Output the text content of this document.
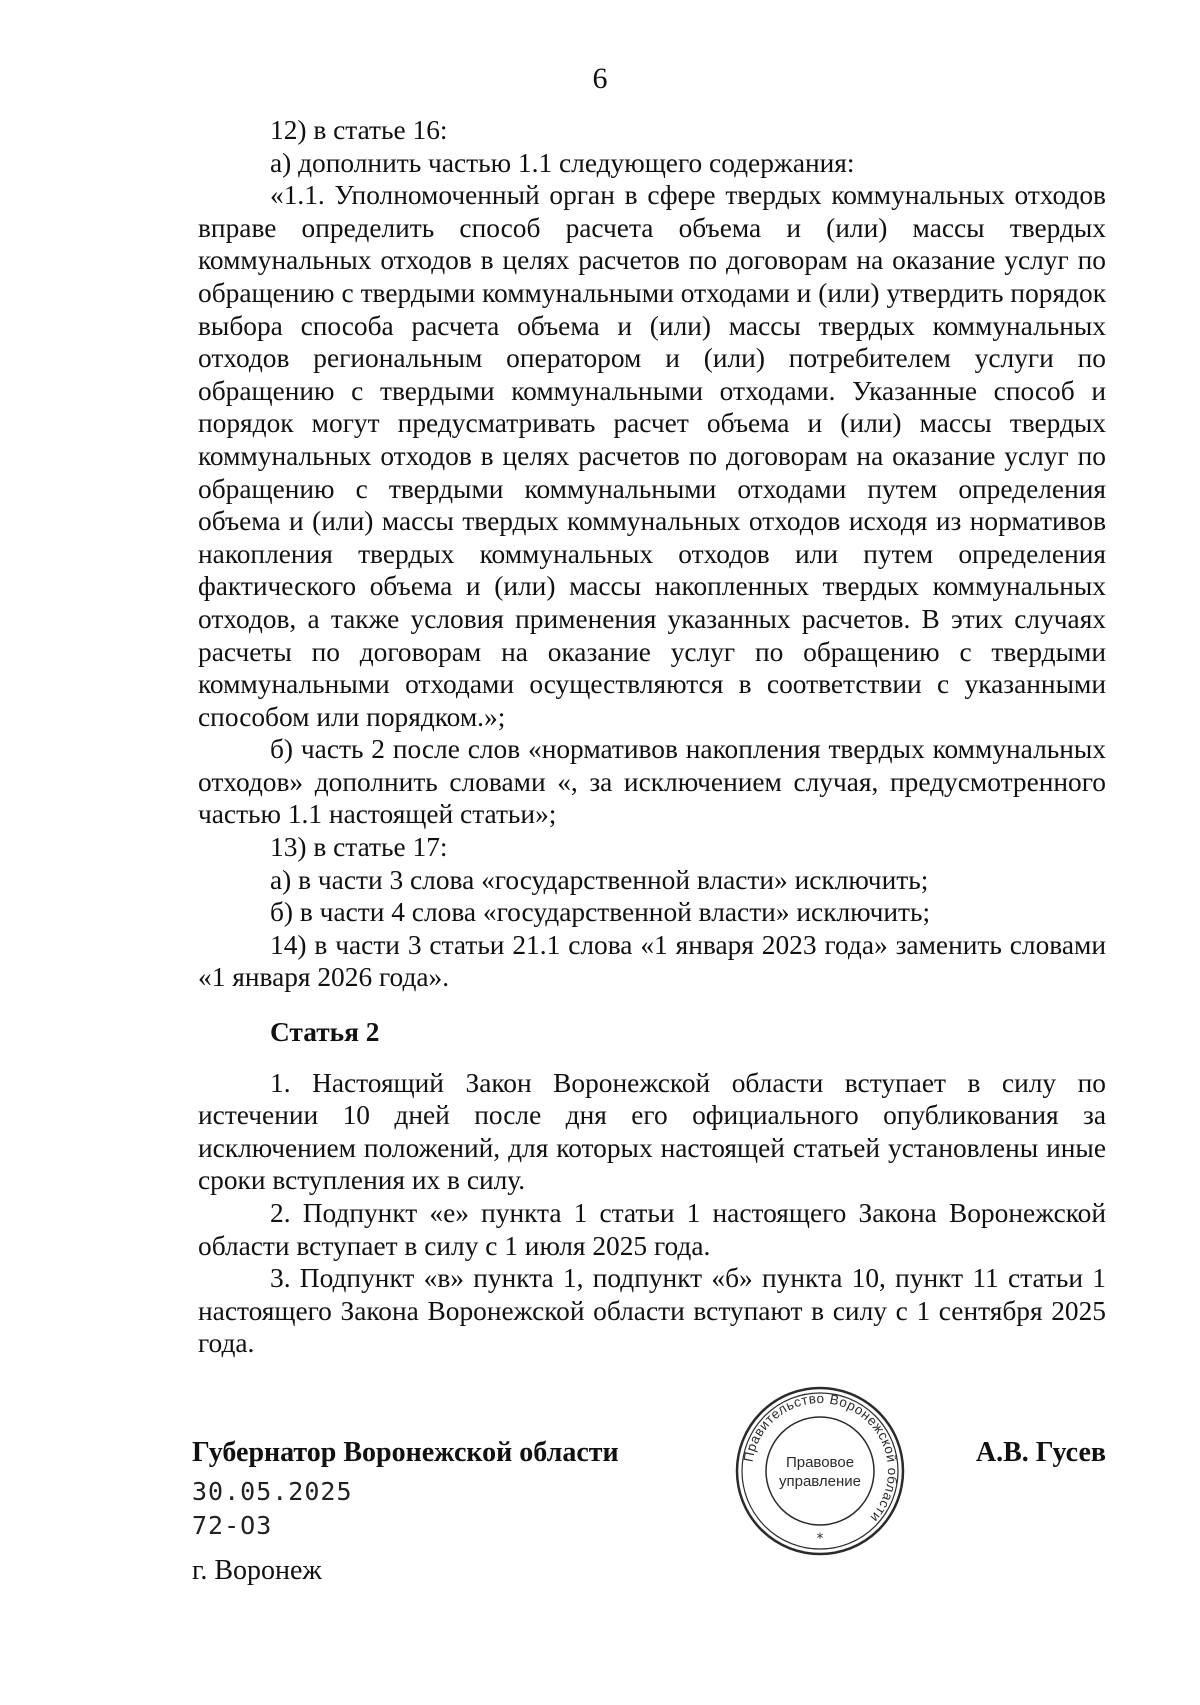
6

12) в статье 16:

а) дополнить частью 1.1 следующего содержания:

«1.1. Уполномоченный орган в сфере твердых коммунальных отходов вправе определить способ расчета объема и (или) массы твердых коммунальных отходов в целях расчетов по договорам на оказание услуг по обращению с твердыми коммунальными отходами и (или) утвердить порядок выбора способа расчета объема и (или) массы твердых коммунальных отходов региональным оператором и (или) потребителем услуги по обращению с твердыми коммунальными отходами. Указанные способ и порядок могут предусматривать расчет объема и (или) массы твердых коммунальных отходов в целях расчетов по договорам на оказание услуг по обращению с твердыми коммунальными отходами путем определения объема и (или) массы твердых коммунальных отходов исходя из нормативов накопления твердых коммунальных отходов или путем определения фактического объема и (или) массы накопленных твердых коммунальных отходов, а также условия применения указанных расчетов. В этих случаях расчеты по договорам на оказание услуг по обращению с твердыми коммунальными отходами осуществляются в соответствии с указанными способом или порядком.»;

б) часть 2 после слов «нормативов накопления твердых коммунальных отходов» дополнить словами «, за исключением случая, предусмотренного частью 1.1 настоящей статьи»;

13) в статье 17:

а) в части 3 слова «государственной власти» исключить;

б) в части 4 слова «государственной власти» исключить;

14) в части 3 статьи 21.1 слова «1 января 2023 года» заменить словами «1 января 2026 года».

Статья 2

1. Настоящий Закон Воронежской области вступает в силу по истечении 10 дней после дня его официального опубликования за исключением положений, для которых настоящей статьей установлены иные сроки вступления их в силу.

2. Подпункт «е» пункта 1 статьи 1 настоящего Закона Воронежской области вступает в силу с 1 июля 2025 года.

3. Подпункт «в» пункта 1, подпункт «б» пункта 10, пункт 11 статьи 1 настоящего Закона Воронежской области вступают в силу с 1 сентября 2025 года.

Губернатор Воронежской области	А.В. Гусев
30.05.2025
72-ОЗ
г. Воронеж
Правительство Воронежской области
Правовое
управление
*
